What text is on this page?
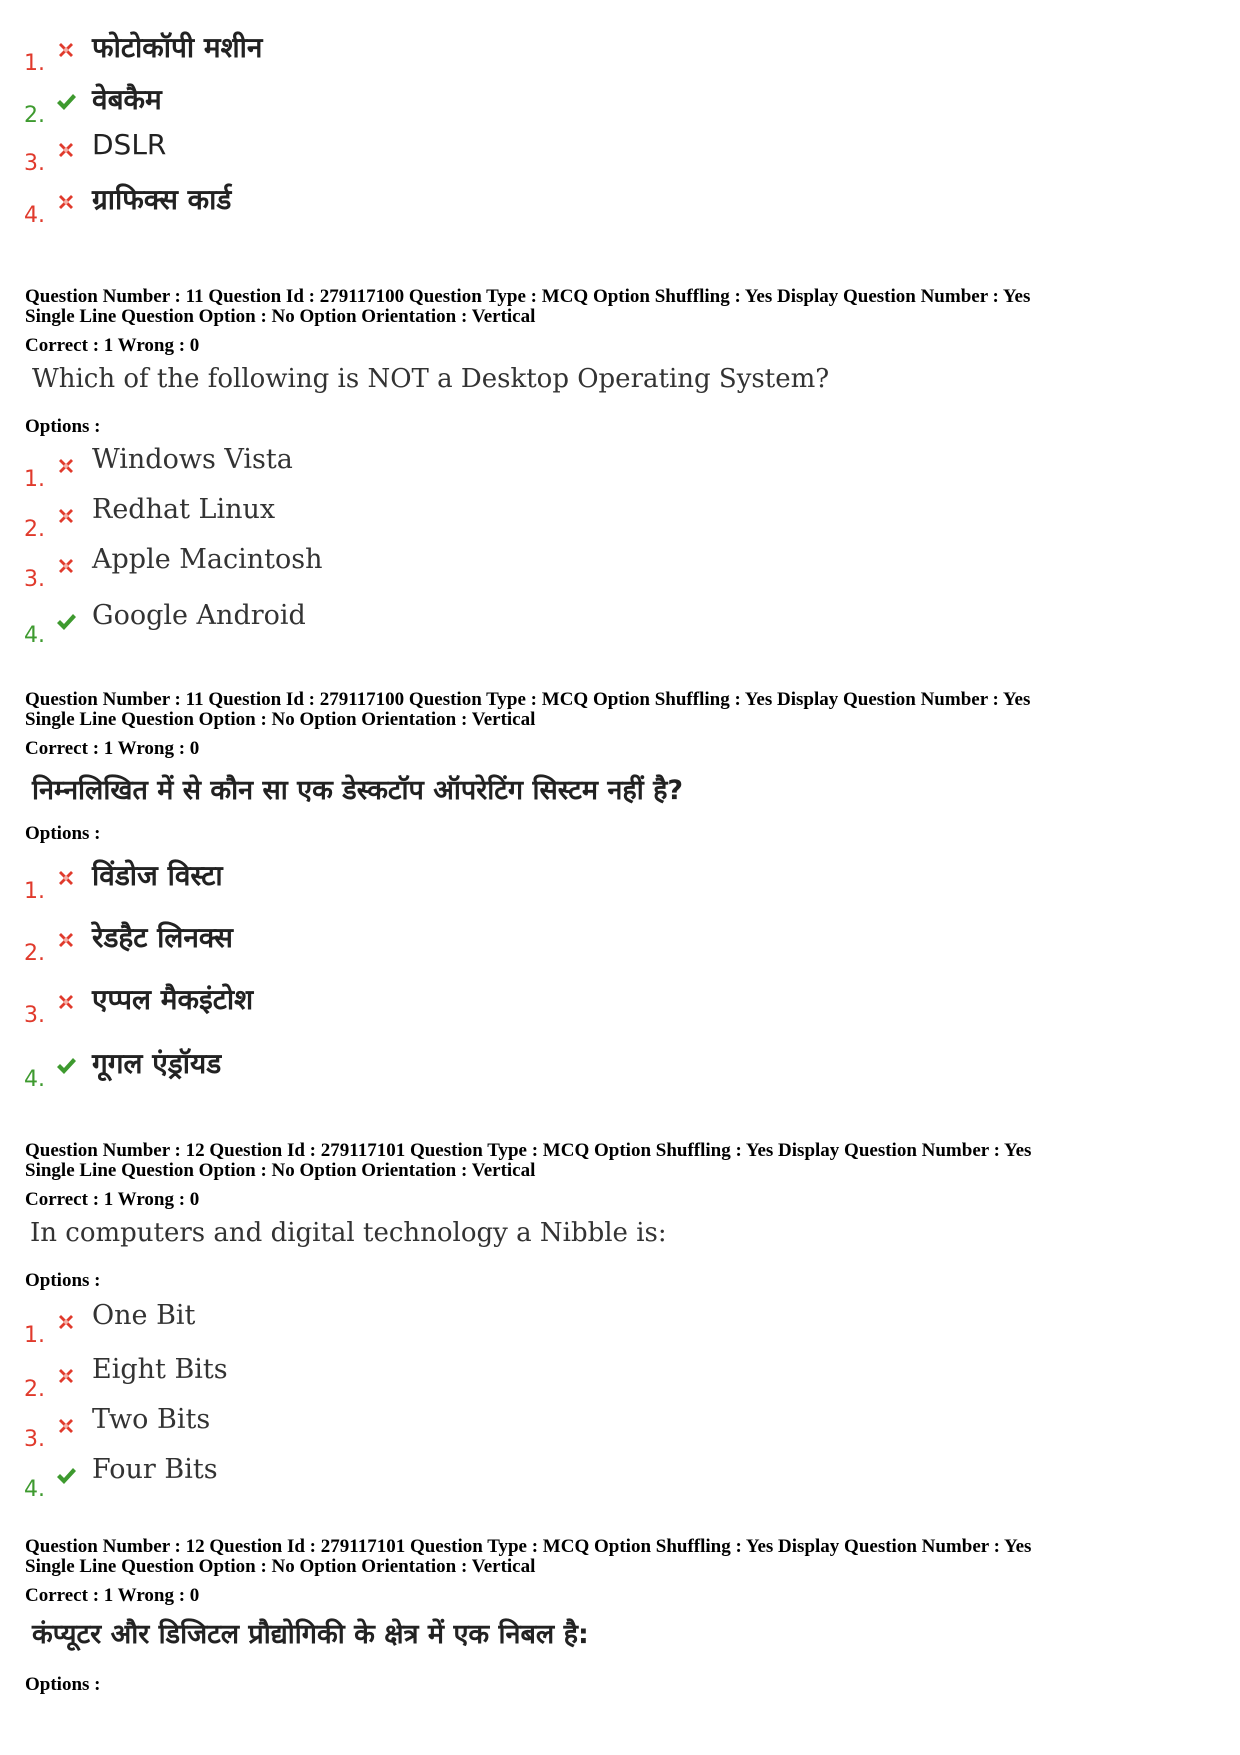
1. फोटोकॉपी मशीन
2. वेबकैम
3.
DSLR
4. ग्राफिक्स कार्ड
Question Number : 11 Question Id : 279117100 Question Type : MCQ Option Shuffling : Yes Display Question Number : Yes
Single Line Question Option : No Option Orientation : Vertical
Correct : 1 Wrong : 0
Which of the following is NOT a Desktop Operating System?
Options :
1.
Windows Vista
2.
Redhat Linux
3.
Apple Macintosh
4.
Google Android
Question Number : 11 Question Id : 279117100 Question Type : MCQ Option Shuffling : Yes Display Question Number : Yes
Single Line Question Option : No Option Orientation : Vertical
Correct : 1 Wrong : 0
निम्नलिखित में से कौन सा एक डेस्कटॉप ऑपरेटिंग सिस्टम नहीं है?
Options :
1. विंडोज विस्टा
2. रेडहैट लिनक्स
3. एप्पल मैकइंटोश
4. गूगल एंड्रॉयड
Question Number : 12 Question Id : 279117101 Question Type : MCQ Option Shuffling : Yes Display Question Number : Yes
Single Line Question Option : No Option Orientation : Vertical
Correct : 1 Wrong : 0
In computers and digital technology a Nibble is:
Options :
1.
One Bit
2.
Eight Bits
3.
Two Bits
4.
Four Bits
Question Number : 12 Question Id : 279117101 Question Type : MCQ Option Shuffling : Yes Display Question Number : Yes
Single Line Question Option : No Option Orientation : Vertical
Correct : 1 Wrong : 0
कंप्यूटर और डिजिटल प्रौद्योगिकी के क्षेत्र में एक निबल है:
Options :
